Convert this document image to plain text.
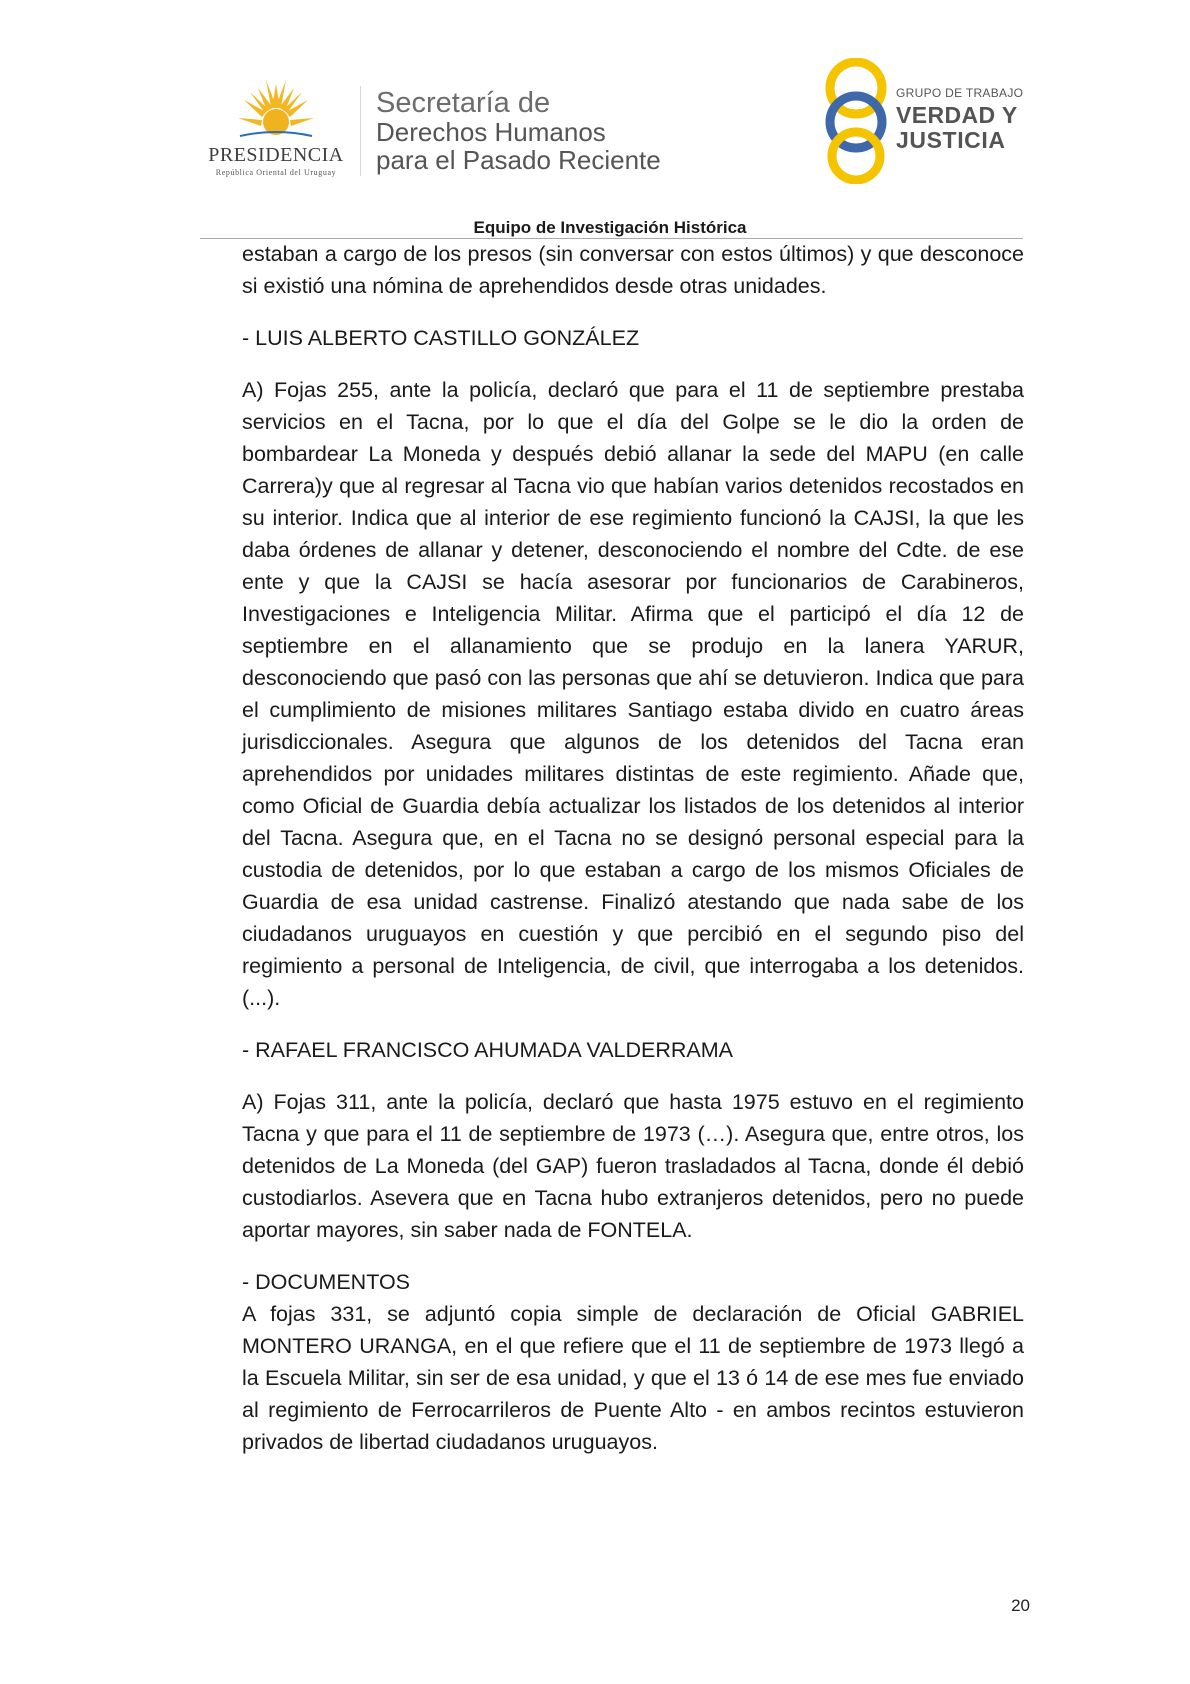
PRESIDENCIA
República Oriental del Uruguay
Secretaría de
Derechos Humanos
para el Pasado Reciente
GRUPO DE TRABAJO
VERDAD Y
JUSTICIA
Equipo de Investigación Histórica

estaban a cargo de los presos (sin conversar con estos últimos) y que desconoce si existió una nómina de aprehendidos desde otras unidades.

- LUIS ALBERTO CASTILLO GONZÁLEZ

A) Fojas 255, ante la policía, declaró que para el 11 de septiembre prestaba servicios en el Tacna, por lo que el día del Golpe se le dio la orden de bombardear La Moneda y después debió allanar la sede del MAPU (en calle Carrera)y que al regresar al Tacna vio que habían varios detenidos recostados en su interior. Indica que al interior de ese regimiento funcionó la CAJSI, la que les daba órdenes de allanar y detener, desconociendo el nombre del Cdte. de ese ente y que la CAJSI se hacía asesorar por funcionarios de Carabineros, Investigaciones e Inteligencia Militar. Afirma que el participó el día 12 de septiembre en el allanamiento que se produjo en la lanera YARUR, desconociendo que pasó con las personas que ahí se detuvieron. Indica que para el cumplimiento de misiones militares Santiago estaba divido en cuatro áreas jurisdiccionales. Asegura que algunos de los detenidos del Tacna eran aprehendidos por unidades militares distintas de este regimiento. Añade que, como Oficial de Guardia debía actualizar los listados de los detenidos al interior del Tacna. Asegura que, en el Tacna no se designó personal especial para la custodia de detenidos, por lo que estaban a cargo de los mismos Oficiales de Guardia de esa unidad castrense. Finalizó atestando que nada sabe de los ciudadanos uruguayos en cuestión y que percibió en el segundo piso del regimiento a personal de Inteligencia, de civil, que interrogaba a los detenidos. (...).

- RAFAEL FRANCISCO AHUMADA VALDERRAMA

A) Fojas 311, ante la policía, declaró que hasta 1975 estuvo en el regimiento Tacna y que para el 11 de septiembre de 1973 (…). Asegura que, entre otros, los detenidos de La Moneda (del GAP) fueron trasladados al Tacna, donde él debió custodiarlos. Asevera que en Tacna hubo extranjeros detenidos, pero no puede aportar mayores, sin saber nada de FONTELA.

- DOCUMENTOS

A fojas 331, se adjuntó copia simple de declaración de Oficial GABRIEL MONTERO URANGA, en el que refiere que el 11 de septiembre de 1973 llegó a la Escuela Militar, sin ser de esa unidad, y que el 13 ó 14 de ese mes fue enviado al regimiento de Ferrocarrileros de Puente Alto - en ambos recintos estuvieron privados de libertad ciudadanos uruguayos.

20
